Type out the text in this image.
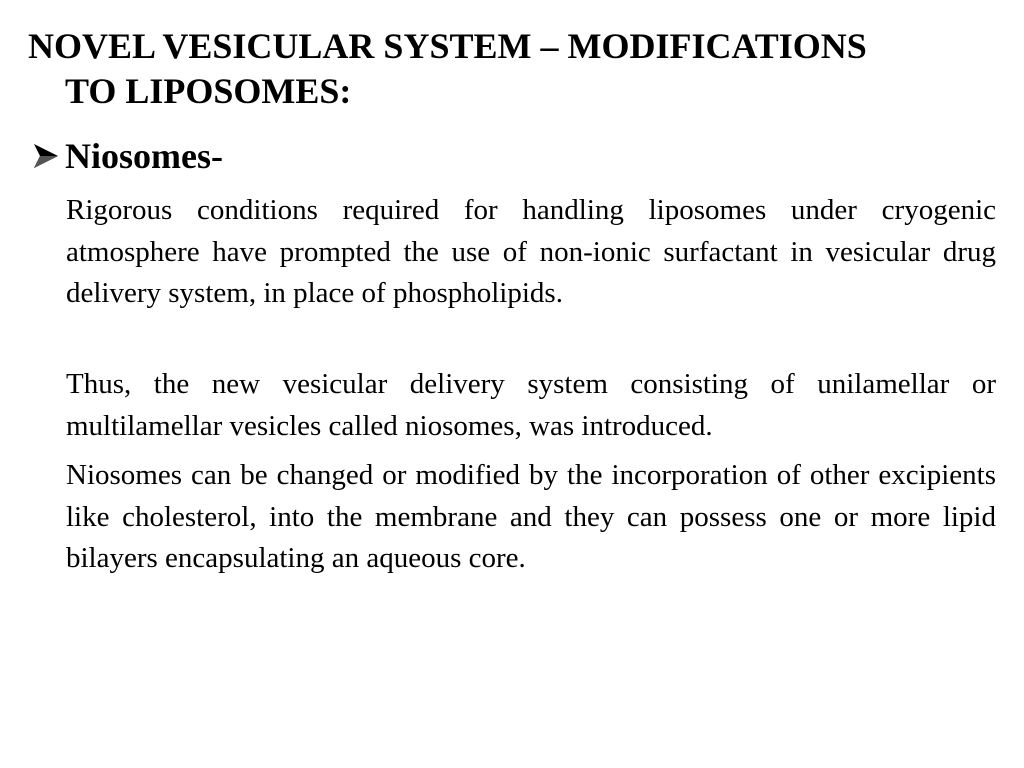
NOVEL VESICULAR SYSTEM – MODIFICATIONS
TO LIPOSOMES:
Niosomes-

Rigorous conditions required for handling liposomes under cryogenic atmosphere have prompted the use of non-ionic surfactant in vesicular drug delivery system, in place of phospholipids.

Thus, the new vesicular delivery system consisting of unilamellar or multilamellar vesicles called niosomes, was introduced.

Niosomes can be changed or modified by the incorporation of other excipients like cholesterol, into the membrane and they can possess one or more lipid bilayers encapsulating an aqueous core.
